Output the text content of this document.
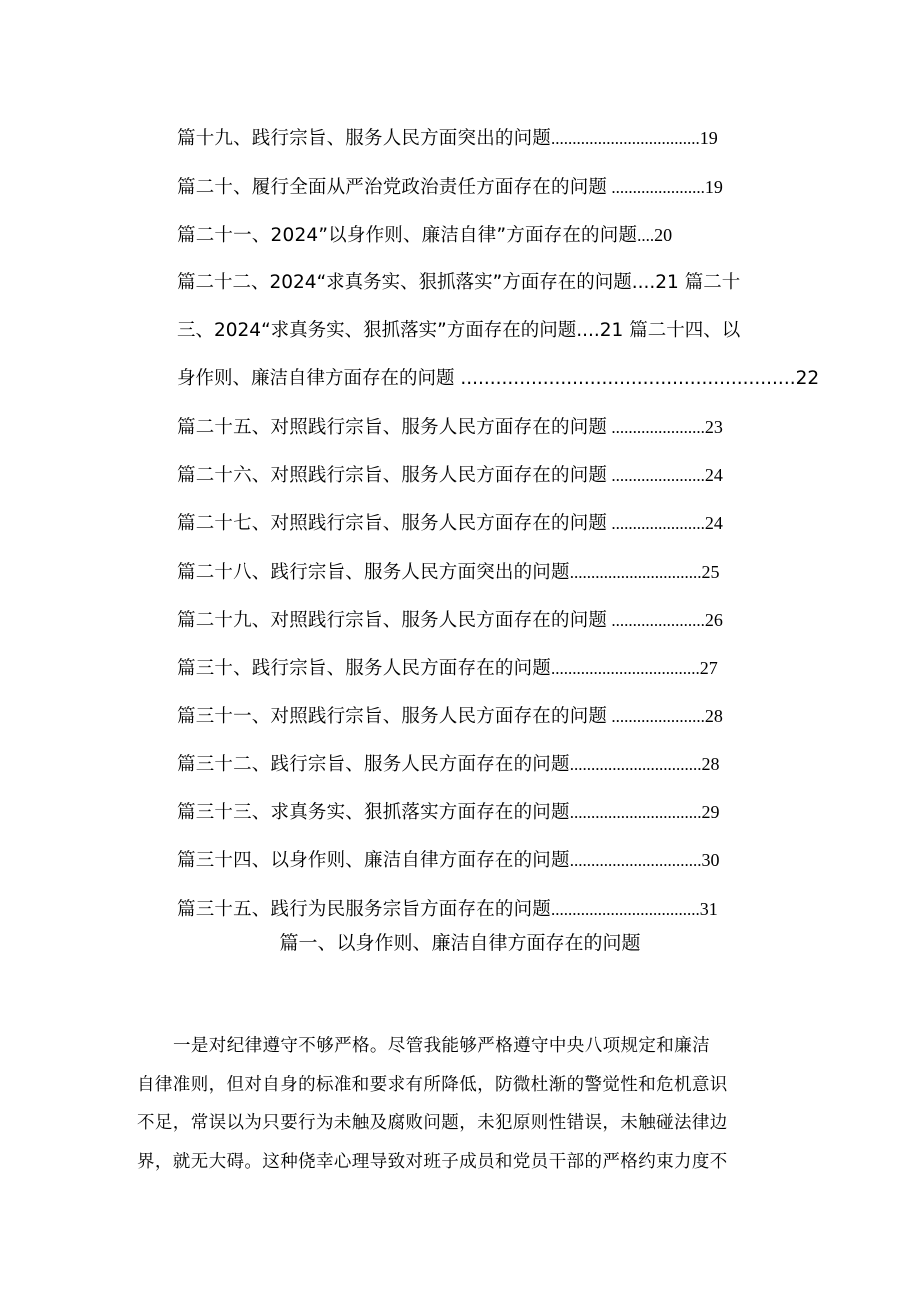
篇十九、践行宗旨、服务人民方面突出的问题...................................19
篇二十、履行全面从严治党政治责任方面存在的问题 ......................19
篇二十一、2024”以身作则、廉洁自律”方面存在的问题....20
篇二十二、2024“求真务实、狠抓落实”方面存在的问题....21 篇二十
三、2024“求真务实、狠抓落实”方面存在的问题....21 篇二十四、以
身作则、廉洁自律方面存在的问题 .........................................................22
篇二十五、对照践行宗旨、服务人民方面存在的问题 ......................23
篇二十六、对照践行宗旨、服务人民方面存在的问题 ......................24
篇二十七、对照践行宗旨、服务人民方面存在的问题 ......................24
篇二十八、践行宗旨、服务人民方面突出的问题...............................25
篇二十九、对照践行宗旨、服务人民方面存在的问题 ......................26
篇三十、践行宗旨、服务人民方面存在的问题...................................27
篇三十一、对照践行宗旨、服务人民方面存在的问题 ......................28
篇三十二、践行宗旨、服务人民方面存在的问题...............................28
篇三十三、求真务实、狠抓落实方面存在的问题...............................29
篇三十四、以身作则、廉洁自律方面存在的问题...............................30
篇三十五、践行为民服务宗旨方面存在的问题...................................31
篇一、以身作则、廉洁自律方面存在的问题
一是对纪律遵守不够严格。尽管我能够严格遵守中央八项规定和廉洁
自律准则，但对自身的标准和要求有所降低，防微杜渐的警觉性和危机意识
不足，常误以为只要行为未触及腐败问题，未犯原则性错误，未触碰法律边
界，就无大碍。这种侥幸心理导致对班子成员和党员干部的严格约束力度不
